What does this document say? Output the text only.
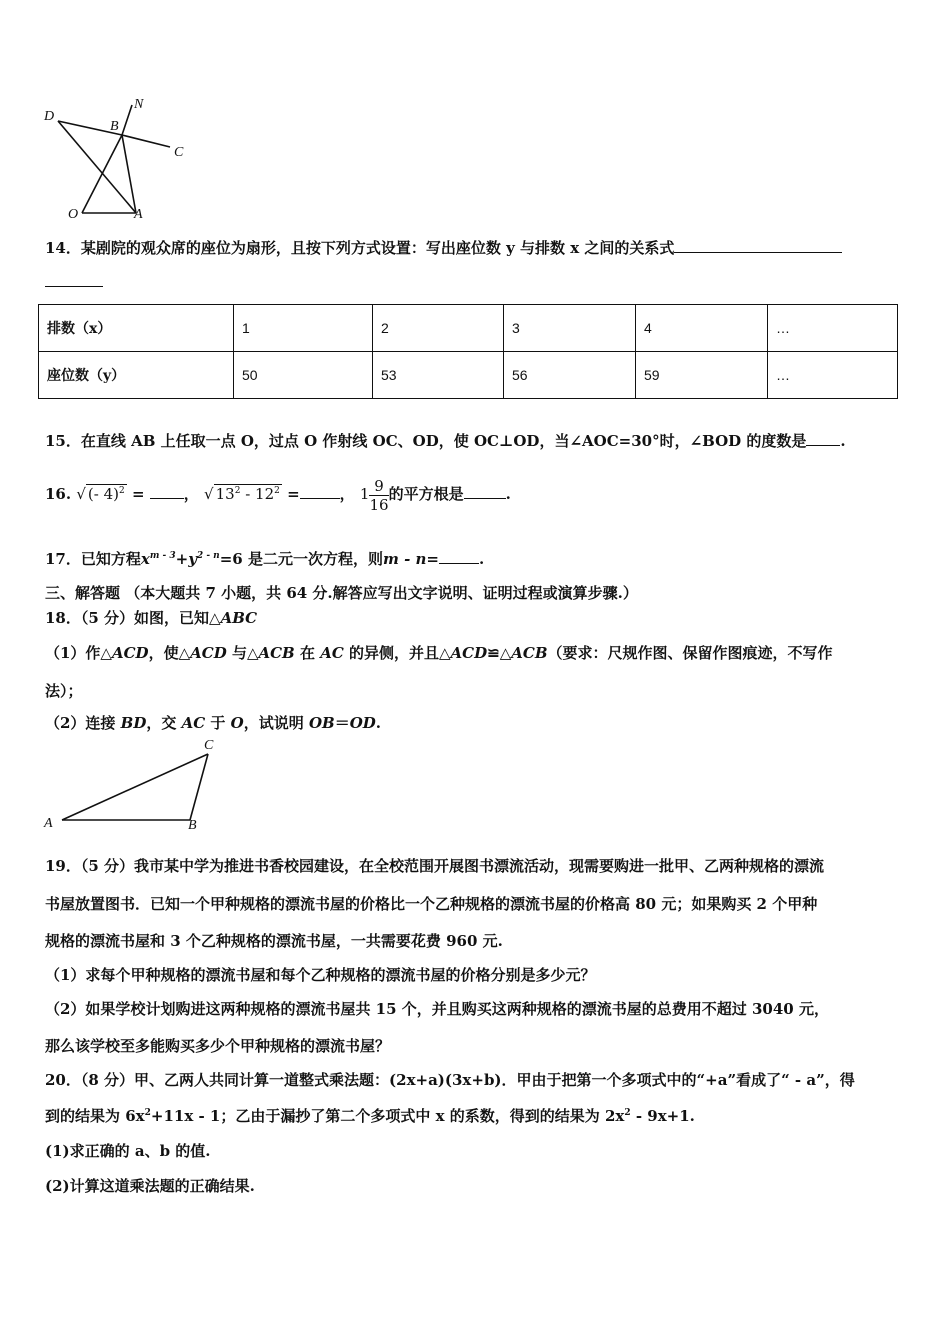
D
N
B
C
O	A
14．某剧院的观众席的座位为扇形，且按下列方式设置：写出座位数 y 与排数 x 之间的关系式
排数（x）	1	2	3	4	…
座位数（y）	50	53	56	59	…
15．在直线 AB 上任取一点 O，过点 O 作射线 OC、OD，使 OC⊥OD，当∠AOC=30°时，∠BOD 的度数是 .
16. √ (- 4)$^2$ =	， √ $13^2 - 12^2$ =	， $1 \frac{9}{16}$ 的平方根是	.
17．已知方程$x^{m - 3}+y^{2 - n}=6$ 是二元一次方程，则m - n=	.
三、解答题 （本大题共 7 小题，共 64 分.解答应写出文字说明、证明过程或演算步骤.）
18．（5 分）如图，已知△ABC
（1）作△ACD，使△ACD 与△ACB 在 AC 的异侧，并且△ACD≌△ACB（要求：尺规作图、保留作图痕迹，不写作
法）；
（2）连接 BD，交 AC 于 O，试说明 OB＝OD.
A	B
C
19．（5 分）我市某中学为推进书香校园建设，在全校范围开展图书漂流活动，现需要购进一批甲、乙两种规格的漂流
书屋放置图书．已知一个甲种规格的漂流书屋的价格比一个乙种规格的漂流书屋的价格高 80 元；如果购买 2 个甲种
规格的漂流书屋和 3 个乙种规格的漂流书屋，一共需要花费 960 元.
（1）求每个甲种规格的漂流书屋和每个乙种规格的漂流书屋的价格分别是多少元？
（2）如果学校计划购进这两种规格的漂流书屋共 15 个，并且购买这两种规格的漂流书屋的总费用不超过 3040 元，
那么该学校至多能购买多少个甲种规格的漂流书屋？
20．（8 分）甲、乙两人共同计算一道整式乘法题：(2x+a)(3x+b)．甲由于把第一个多项式中的“+a”看成了“ - a”，得
到的结果为 $6x^2+11x - 1$；乙由于漏抄了第二个多项式中 x 的系数，得到的结果为 $2x^2 - 9x+1$.
(1)求正确的 a、b 的值.
(2)计算这道乘法题的正确结果.
